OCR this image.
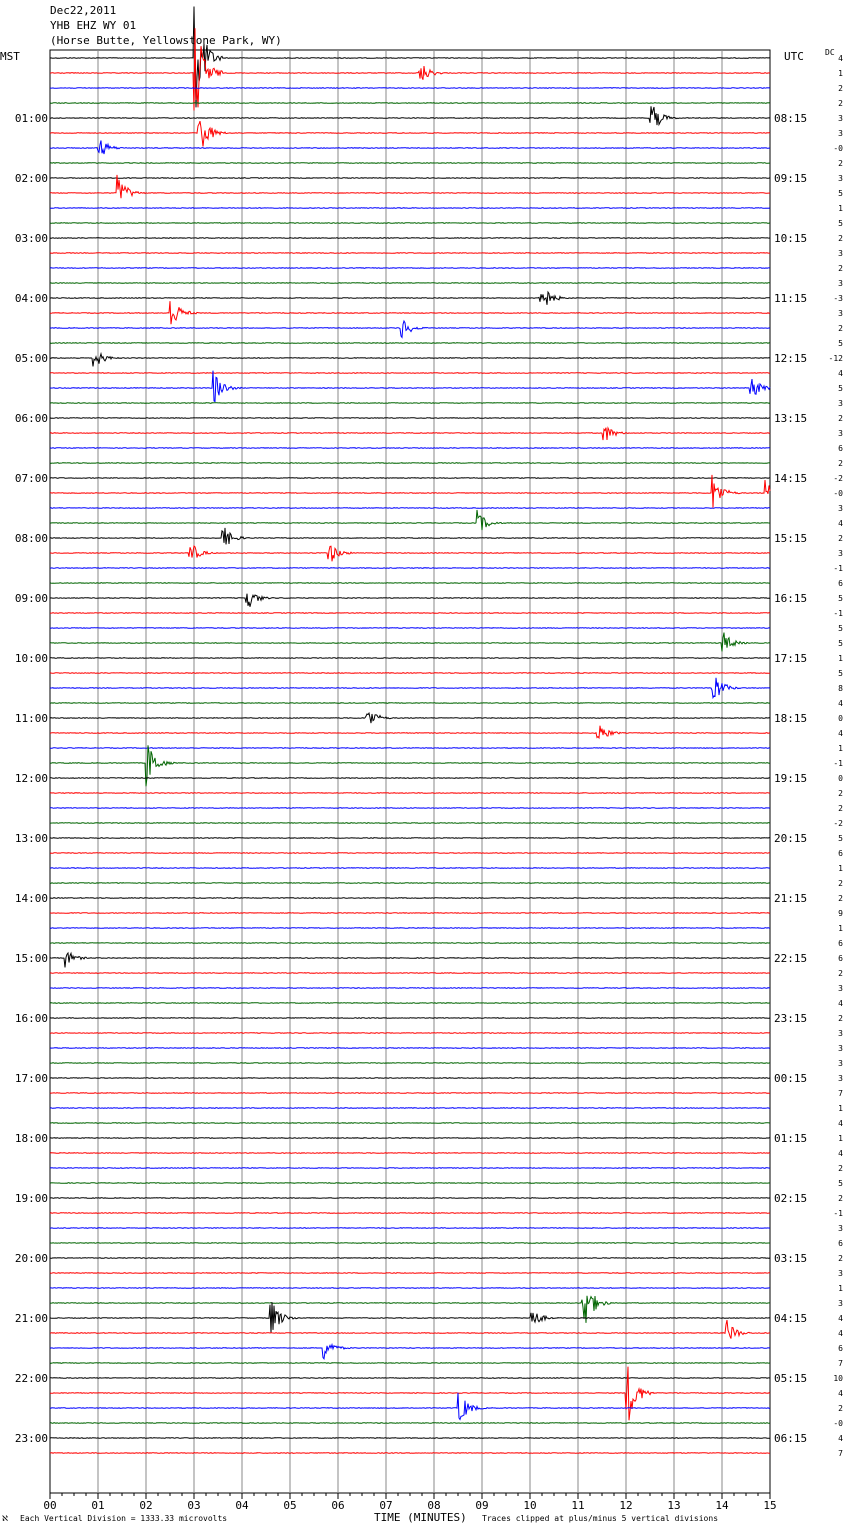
Dec22,2011
YHB EHZ WY 01
(Horse Butte, Yellowstone Park, WY)
MST	UTC	DC
00	01	02	03	04	05	06	07	08	09	10	11	12	13	14	15
4
1
2
2
3
3
-0
2
3
5
1
5
2
3
2
3
-3
3
2
5
-12
4
5
3
2
3
6
2
-2
-0
3
4
2
3
-1
6
5
-1
5
5
1
5
8
4
0
4
1
-1
0
2
2
-2
5
6
1
2
2
9
1
6
6
2
3
4
2
3
3
3
3
7
1
4
1
4
2
5
2
-1
3
6
2
3
1
3
4
4
6
7
10
4
2
-0
4
7
01:00
02:00
03:00
04:00
05:00
06:00
07:00
08:00
09:00
10:00
11:00
12:00
13:00
14:00
15:00
16:00
17:00
18:00
19:00
20:00
21:00
22:00
23:00
08:15
09:15
10:15
11:15
12:15
13:15
14:15
15:15
16:15
17:15
18:15
19:15
20:15
21:15
22:15
23:15
00:15
01:15
02:15
03:15
04:15
05:15
06:15
ℵ Each Vertical Division = 1333.33 microvolts	TIME (MINUTES) Traces clipped at plus/minus 5 vertical divisions
